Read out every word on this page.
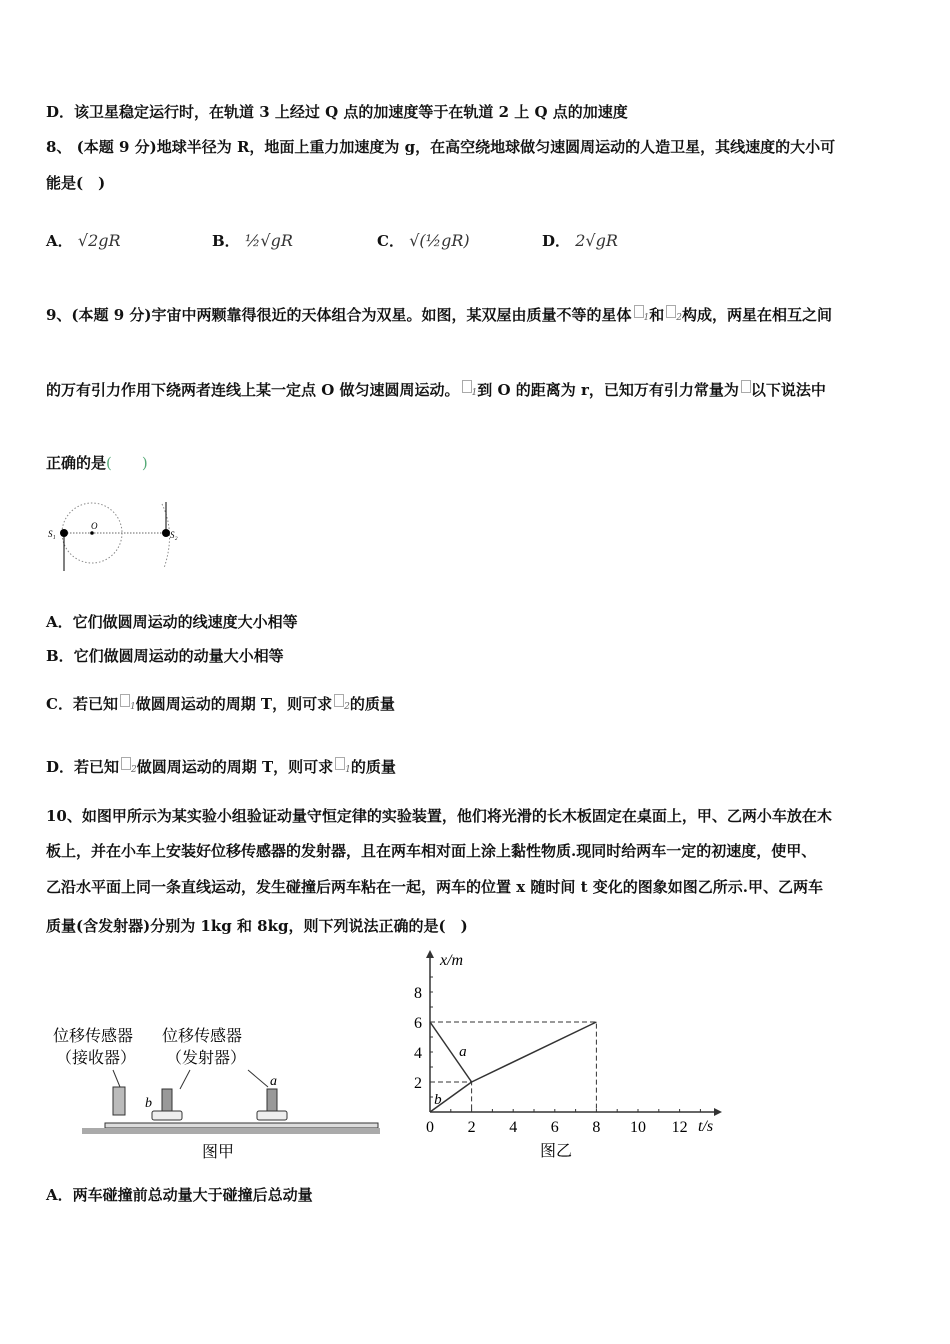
D．该卫星稳定运行时，在轨道 3 上经过 Q 点的加速度等于在轨道 2 上 Q 点的加速度
8、 (本题 9 分)地球半径为 R，地面上重力加速度为 g，在高空绕地球做匀速圆周运动的人造卫星，其线速度的大小可
能是(　)
A． √2gR	B． ½√gR	C． √(½gR)	D． 2√gR
9、(本题 9 分)宇宙中两颗靠得很近的天体组合为双星。如图，某双屋由质量不等的星体 1和 2构成，两星在相互之间
的万有引力作用下绕两者连线上某一定点 O 做匀速圆周运动。 1到 O 的距离为 r，已知万有引力常量为 以下说法中
正确的是(　　)
S₁
O
S₂
A．它们做圆周运动的线速度大小相等
B．它们做圆周运动的动量大小相等
C．若已知 1做圆周运动的周期 T，则可求 2的质量
D．若已知 2做圆周运动的周期 T，则可求 1的质量
10、如图甲所示为某实验小组验证动量守恒定律的实验装置，他们将光滑的长木板固定在桌面上，甲、乙两小车放在木
板上，并在小车上安装好位移传感器的发射器，且在两车相对面上涂上黏性物质.现同时给两车一定的初速度，使甲、
乙沿水平面上同一条直线运动，发生碰撞后两车粘在一起，两车的位置 x 随时间 t 变化的图象如图乙所示.甲、乙两车
质量(含发射器)分别为 1kg 和 8kg，则下列说法正确的是(　)
位移传感器
（接收器）
位移传感器
（发射器）
b
a
图甲
x/m
t/s
图乙
0 2 4 6 8 10 12
2
4
6
8
a
b
A．两车碰撞前总动量大于碰撞后总动量
